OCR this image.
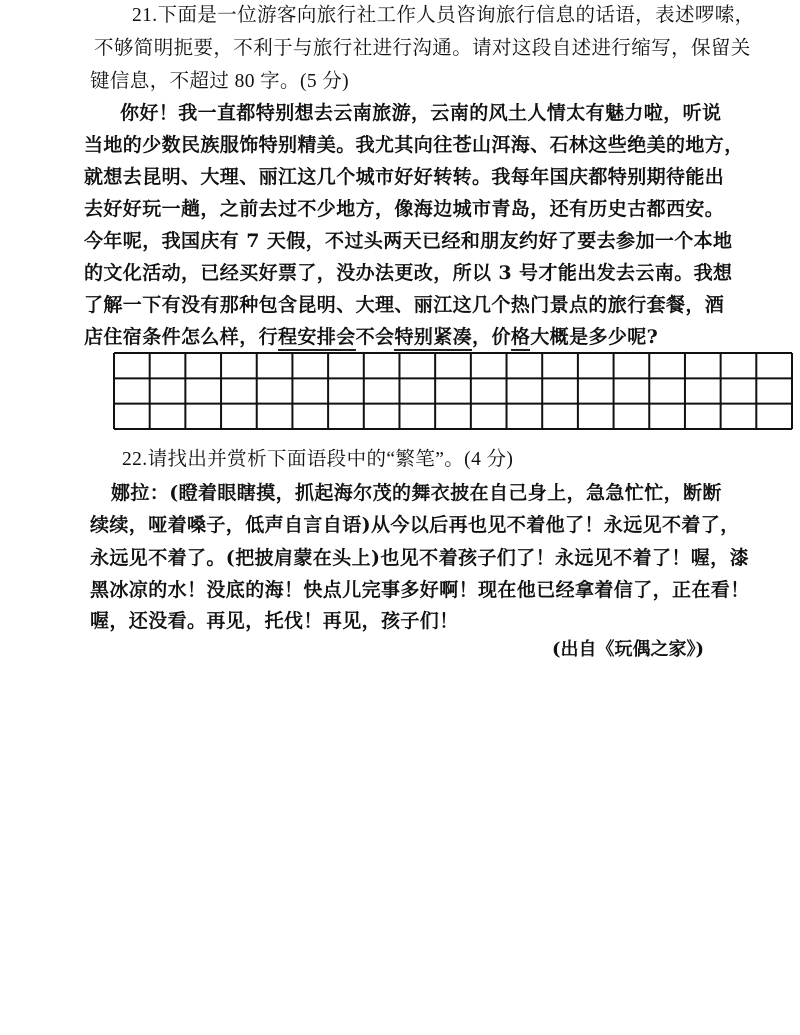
21.下面是一位游客向旅行社工作人员咨询旅行信息的话语，表述啰嗦，
不够简明扼要，不利于与旅行社进行沟通。请对这段自述进行缩写，保留关
键信息，不超过 80 字。(5 分)
你好！我一直都特别想去云南旅游，云南的风土人情太有魅力啦，听说
当地的少数民族服饰特别精美。我尤其向往苍山洱海、石林这些绝美的地方，
就想去昆明、大理、丽江这几个城市好好转转。我每年国庆都特别期待能出
去好好玩一趟，之前去过不少地方，像海边城市青岛，还有历史古都西安。
今年呢，我国庆有 7 天假，不过头两天已经和朋友约好了要去参加一个本地
的文化活动，已经买好票了，没办法更改，所以 3 号才能出发去云南。我想
了解一下有没有那种包含昆明、大理、丽江这几个热门景点的旅行套餐，酒
店住宿条件怎么样，行程安排会不会特别紧凑，价格大概是多少呢?
22.请找出并赏析下面语段中的“繁笔”。(4 分)
娜拉：(瞪着眼瞎摸，抓起海尔茂的舞衣披在自己身上，急急忙忙，断断
续续，哑着嗓子，低声自言自语)从今以后再也见不着他了！永远见不着了，
永远见不着了。(把披肩蒙在头上)也见不着孩子们了！永远见不着了！喔，漆
黑冰凉的水！没底的海！快点儿完事多好啊！现在他已经拿着信了，正在看！
喔，还没看。再见，托伐！再见，孩子们！
(出自《玩偶之家》)
